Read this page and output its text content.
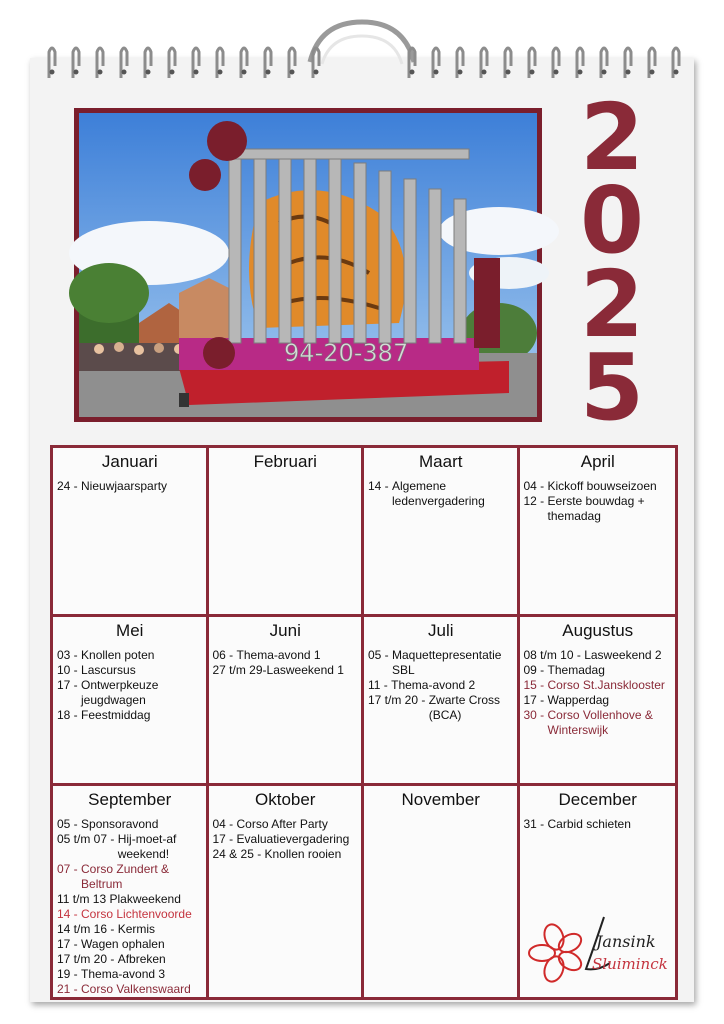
94-20-387
2
0
2
5
Januari
24 - Nieuwjaarsparty
Februari	Maart
14 - Algemene
ledenvergadering
April
04 - Kickoff bouwseizoen
12 - Eerste bouwdag +
themadag
Mei
03 - Knollen poten
10 - Lascursus
17 - Ontwerpkeuze
jeugdwagen
18 - Feestmiddag
Juni
06 - Thema-avond 1
27 t/m 29- Lasweekend 1
Juli
05 - Maquettepresentatie
SBL
11 - Thema-avond 2
17 t/m 20 - Zwarte Cross
(BCA)
Augustus
08 t/m 10 - Lasweekend 2
09 - Themadag
15 - Corso St.Jansklooster
17 - Wapperdag
30 - Corso Vollenhove &
Winterswijk
September
05 - Sponsoravond
05 t/m 07 - Hij-moet-af
weekend!
07 - Corso Zundert &
Beltrum
11 t/m 13 Plakweekend
14 - Corso Lichtenvoorde
14 t/m 16 - Kermis
17 - Wagen ophalen
17 t/m 20 - Afbreken
19 - Thema-avond 3
21 - Corso Valkenswaard
Oktober
04 - Corso After Party
17 - Evaluatievergadering
24 & 25 - Knollen rooien
November	December
31 - Carbid schieten
Jansink
Sluiminck
